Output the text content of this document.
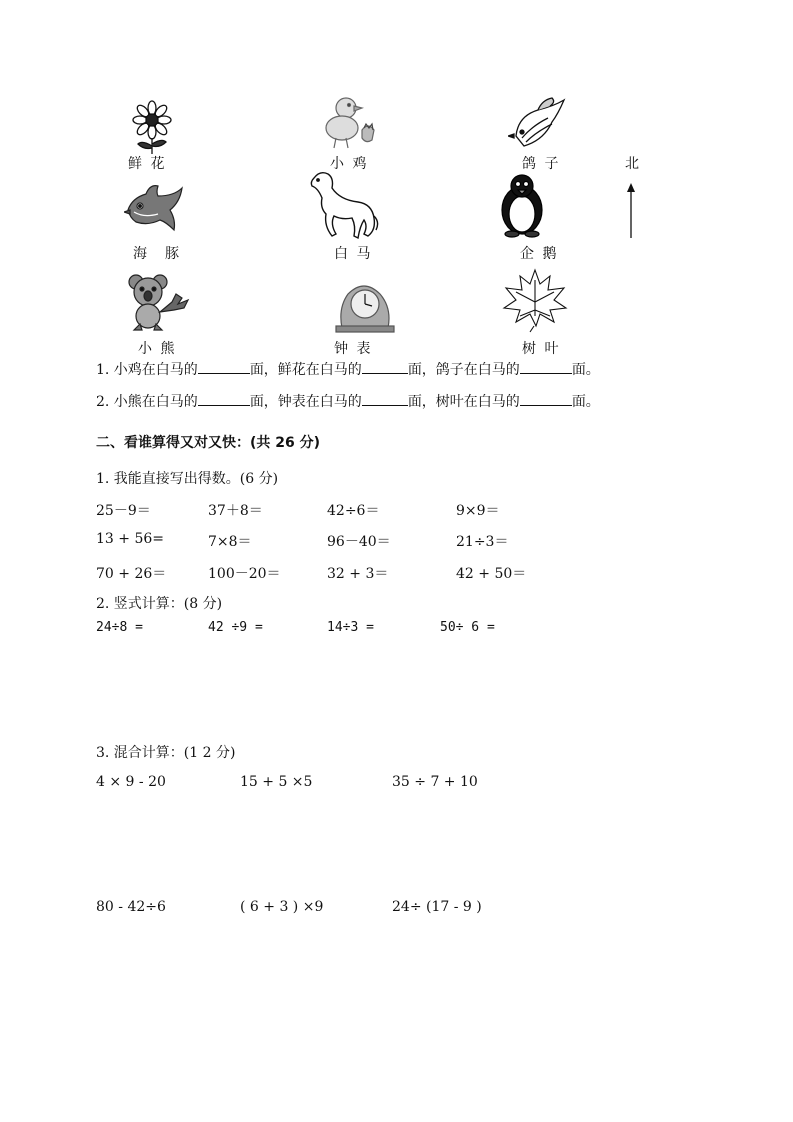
鲜 花	小 鸡	鸽 子	北
海　豚	白 马	企 鹅
小 熊	钟 表	树 叶
1. 小鸡在白马的	面，鲜花在白马的	面，鸽子在白马的	面。
2. 小熊在白马的	面，钟表在白马的	面，树叶在白马的	面。
二、看谁算得又对又快：(共 26 分)
1. 我能直接写出得数。(6 分)
25－9＝	37＋8＝	42÷6＝	9×9＝
13 + 56=	7×8＝	96－40＝	21÷3＝
70 + 26＝	100－20＝	32 + 3＝	42 + 50＝
2. 竖式计算：(8 分)
24÷8 =	42 ÷9 =	14÷3 =	50÷ 6 =
3. 混合计算：(1 2 分)
4 × 9 - 20	15 + 5 ×5	35 ÷ 7 + 10
80 - 42÷6	( 6 + 3 ) ×9	24÷ (17 - 9 )
